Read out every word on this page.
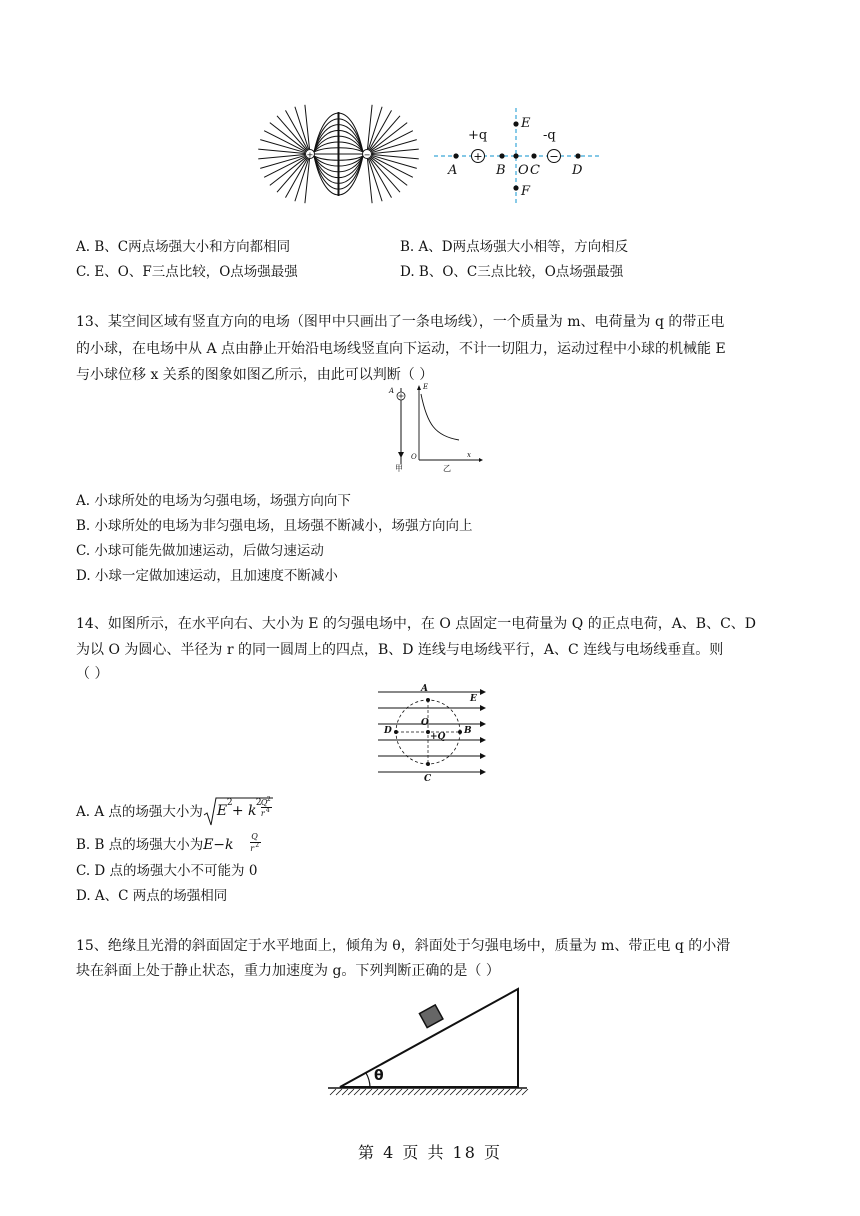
+	−	+	−
+q	-q
A	B O C D
E
F
A. B、C两点场强大小和方向都相同	B. A、D两点场强大小相等，方向相反
C. E、O、F三点比较，O点场强最强	D. B、O、C三点比较，O点场强最强
13、某空间区域有竖直方向的电场（图甲中只画出了一条电场线），一个质量为 m、电荷量为 q 的带正电
的小球，在电场中从 A 点由静止开始沿电场线竖直向下运动，不计一切阻力，运动过程中小球的机械能 E
与小球位移 x 关系的图象如图乙所示，由此可以判断（ ）
A	E
O	x
甲	乙
A. 小球所处的电场为匀强电场，场强方向向下
B. 小球所处的电场为非匀强电场，且场强不断减小，场强方向向上
C. 小球可能先做加速运动，后做匀速运动
D. 小球一定做加速运动，且加速度不断减小
14、如图所示，在水平向右、大小为 E 的匀强电场中，在 O 点固定一电荷量为 Q 的正点电荷，A、B、C、D
为以 O 为圆心、半径为 r 的同一圆周上的四点，B、D 连线与电场线平行，A、C 连线与电场线垂直。则
（ ）
A
E
O
+Q
D	B
C
A. A 点的场强大小为 E 2 + k 2 Q 2
r 4
B. B 点的场强大小为 E −k
Q
r 2
C. D 点的场强大小不可能为 0
D. A、C 两点的场强相同
15、绝缘且光滑的斜面固定于水平地面上，倾角为 θ，斜面处于匀强电场中，质量为 m、带正电 q 的小滑
块在斜面上处于静止状态，重力加速度为 g。下列判断正确的是（ ）
θ
第 4 页 共 18 页
